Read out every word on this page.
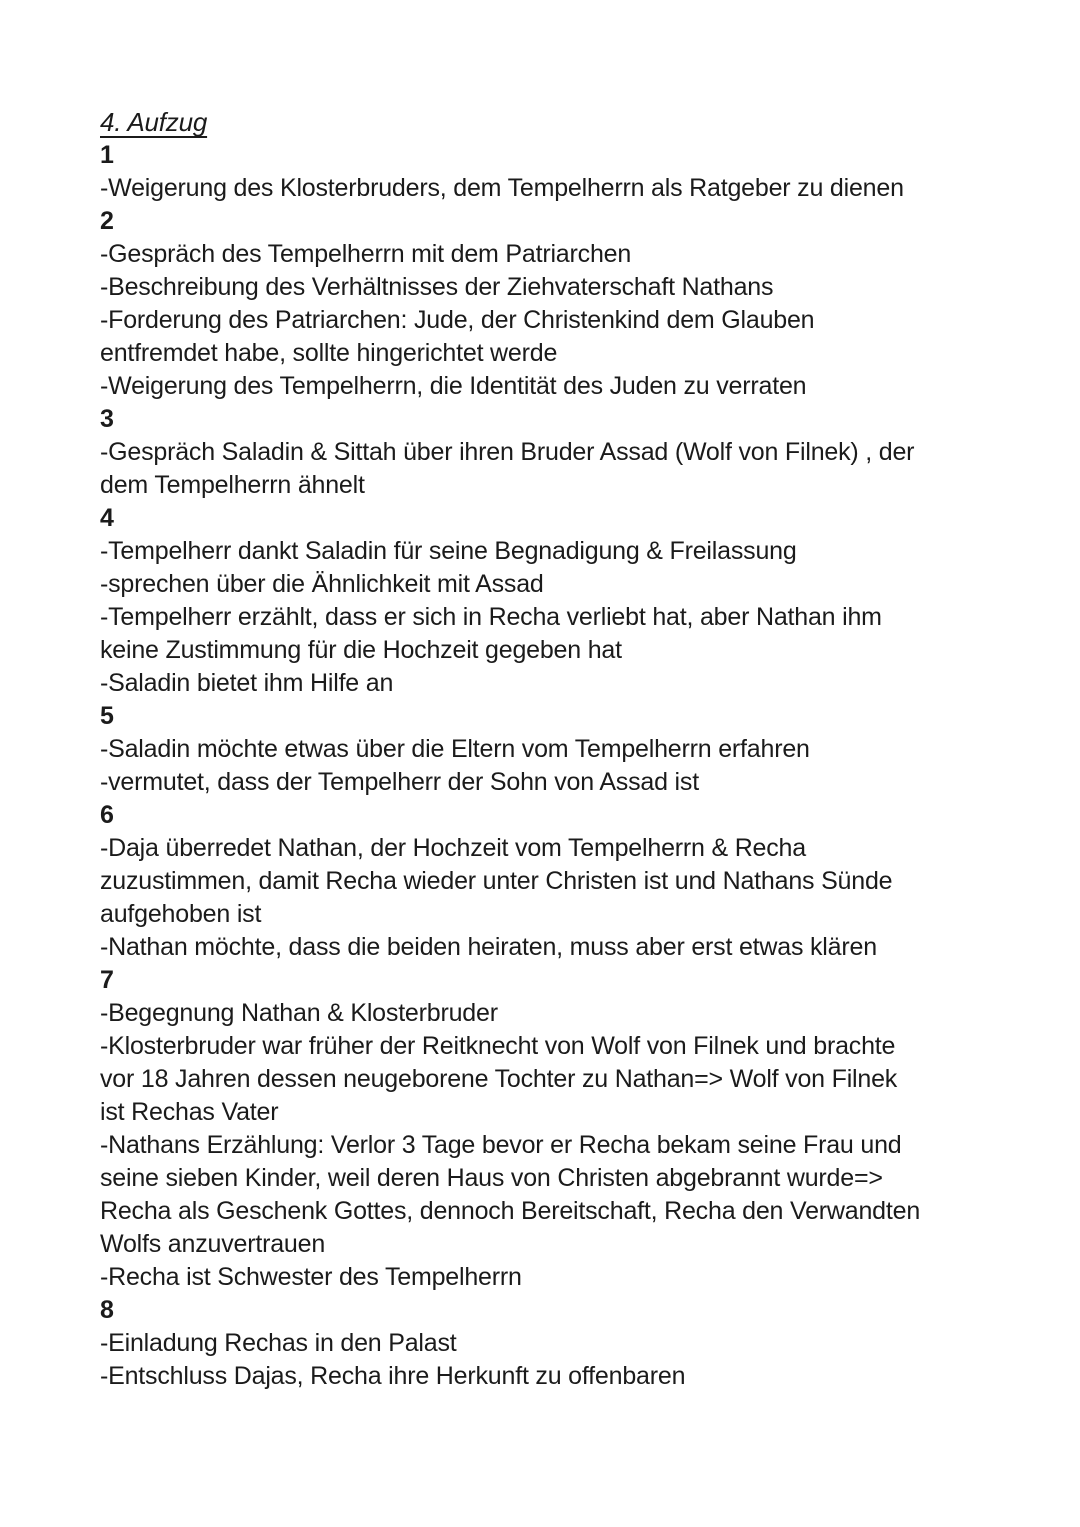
4. Aufzug

1

-Weigerung des Klosterbruders, dem Tempelherrn als Ratgeber zu dienen

2

-Gespräch des Tempelherrn mit dem Patriarchen

-Beschreibung des Verhältnisses der Ziehvaterschaft Nathans

-Forderung des Patriarchen: Jude, der Christenkind dem Glauben

entfremdet habe, sollte hingerichtet werde

-Weigerung des Tempelherrn, die Identität des Juden zu verraten

3

-Gespräch Saladin & Sittah über ihren Bruder Assad (Wolf von Filnek) , der

dem Tempelherrn ähnelt

4

-Tempelherr dankt Saladin für seine Begnadigung & Freilassung

-sprechen über die Ähnlichkeit mit Assad

-Tempelherr erzählt, dass er sich in Recha verliebt hat, aber Nathan ihm

keine Zustimmung für die Hochzeit gegeben hat

-Saladin bietet ihm Hilfe an

5

-Saladin möchte etwas über die Eltern vom Tempelherrn erfahren

-vermutet, dass der Tempelherr der Sohn von Assad ist

6

-Daja überredet Nathan, der Hochzeit vom Tempelherrn & Recha

zuzustimmen, damit Recha wieder unter Christen ist und Nathans Sünde

aufgehoben ist

-Nathan möchte, dass die beiden heiraten, muss aber erst etwas klären

7

-Begegnung Nathan & Klosterbruder

-Klosterbruder war früher der Reitknecht von Wolf von Filnek und brachte

vor 18 Jahren dessen neugeborene Tochter zu Nathan=> Wolf von Filnek

ist Rechas Vater

-Nathans Erzählung: Verlor 3 Tage bevor er Recha bekam seine Frau und

seine sieben Kinder, weil deren Haus von Christen abgebrannt wurde=>

Recha als Geschenk Gottes, dennoch Bereitschaft, Recha den Verwandten

Wolfs anzuvertrauen

-Recha ist Schwester des Tempelherrn

8

-Einladung Rechas in den Palast

-Entschluss Dajas, Recha ihre Herkunft zu offenbaren
